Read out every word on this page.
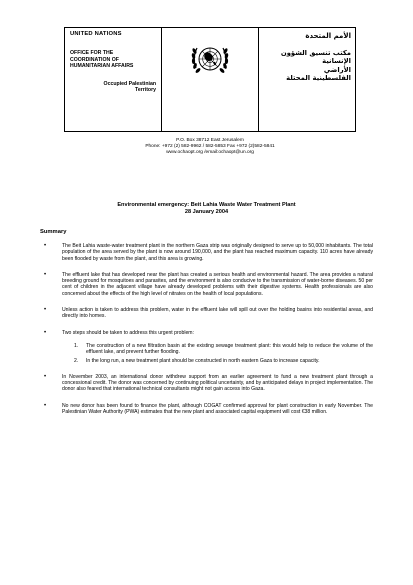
UNITED NATIONS
OFFICE FOR THE
COORDINATION OF
HUMANITARIAN AFFAIRS
Occupied Palestinian
Territory
الأمم المتحدة
مكتب تنسيق الشؤون
الإنسانية
الأراضي
الفلسطينية المحتلة
P.O. Box 38712 East Jerusalem
Phone: +972 (2) 582-9962 / 582-5853 Fax +972 (2)582-5841
www.ochaopt.org /email:ochaopt@un.org
Environmental emergency: Beit Lahia Waste Water Treatment Plant
28 January 2004
Summary
• The Beit Lahia waste-water treatment plant in the northern Gaza strip was originally designed to serve up to 50,000 inhabitants. The total population of the area served by the plant is now around 190,000, and the plant has reached maximum capacity. 110 acres have already been flooded by waste from the plant, and this area is growing.
• The effluent lake that has developed near the plant has created a serious health and environmental hazard. The area provides a natural breeding ground for mosquitoes and parasites, and the environment is also conducive to the transmission of water-borne diseases. 50 per cent of children in the adjacent village have already developed problems with their digestive systems. Health professionals are also concerned about the effects of the high level of nitrates on the health of local populations.
• Unless action is taken to address this problem, water in the effluent lake will spill out over the holding basins into residential areas, and directly into homes.
• Two steps should be taken to address this urgent problem:
1. The construction of a new filtration basin at the existing sewage treatment plant: this would help to reduce the volume of the effluent lake, and prevent further flooding.
2. In the long run, a new treatment plant should be constructed in north eastern Gaza to increase capacity.
• In November 2003, an international donor withdrew support from an earlier agreement to fund a new treatment plant through a concessional credit. The donor was concerned by continuing political uncertainty, and by anticipated delays in project implementation. The donor also feared that international technical consultants might not gain access into Gaza.
• No new donor has been found to finance the plant, although COGAT confirmed approval for plant construction in early November. The Palestinian Water Authority (PWA) estimates that the new plant and associated capital equipment will cost €38 million.
